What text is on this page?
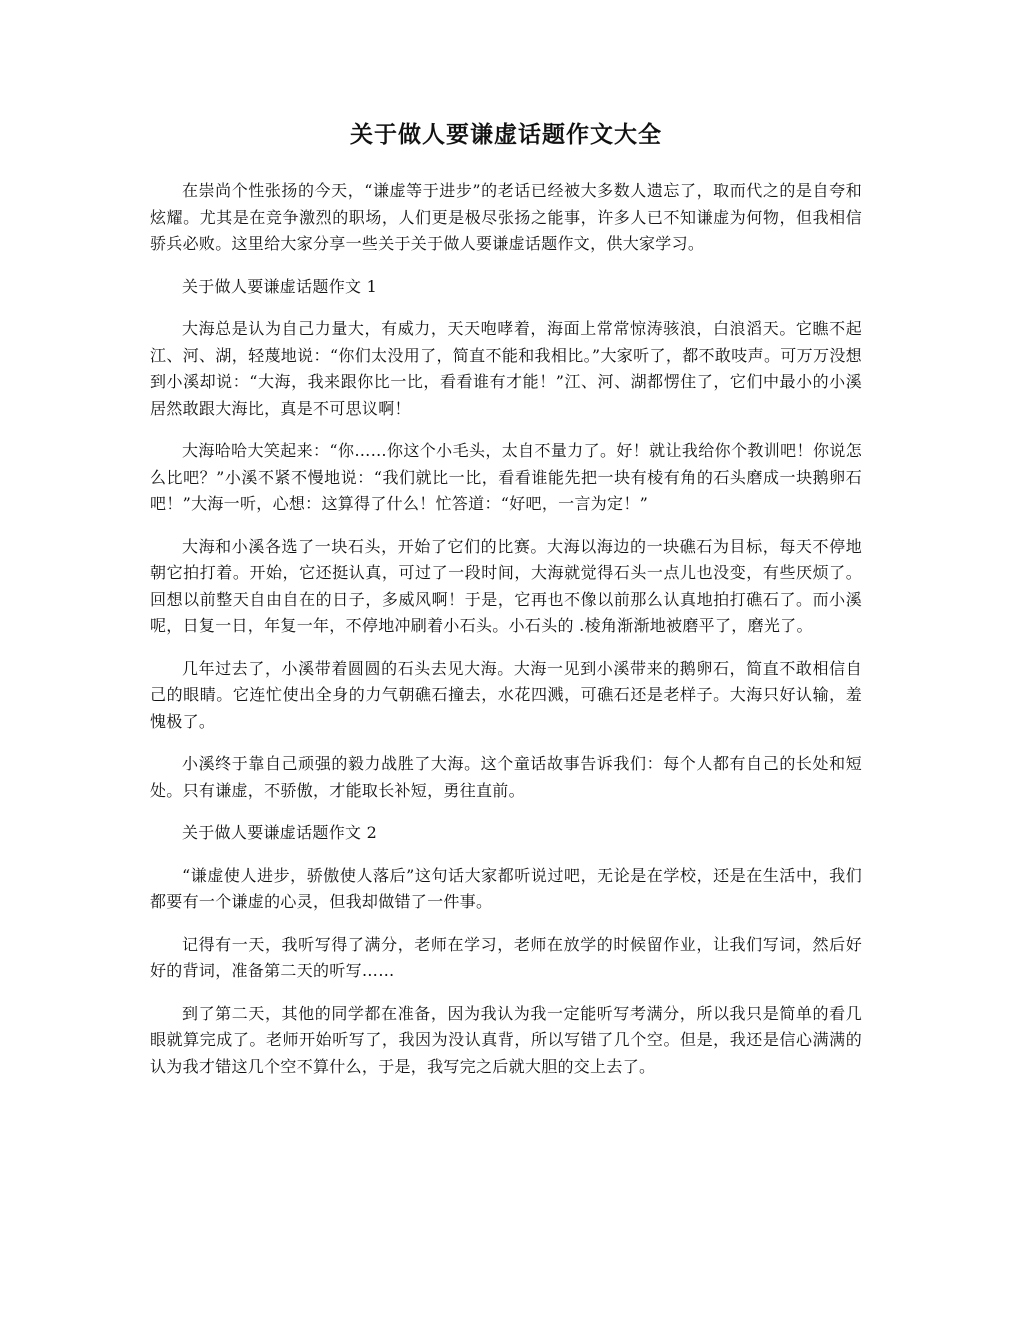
关于做人要谦虚话题作文大全

在崇尚个性张扬的今天，“谦虚等于进步”的老话已经被大多数人遗忘了，取而代之的是自夸和炫耀。尤其是在竞争激烈的职场，人们更是极尽张扬之能事，许多人已不知谦虚为何物，但我相信骄兵必败。这里给大家分享一些关于关于做人要谦虚话题作文，供大家学习。

关于做人要谦虚话题作文 1

大海总是认为自己力量大，有威力，天天咆哮着，海面上常常惊涛骇浪，白浪滔天。它瞧不起江、河、湖，轻蔑地说：“你们太没用了，简直不能和我相比。”大家听了，都不敢吱声。可万万没想到小溪却说：“大海，我来跟你比一比，看看谁有才能！”江、河、湖都愣住了，它们中最小的小溪居然敢跟大海比，真是不可思议啊！

大海哈哈大笑起来：“你……你这个小毛头，太自不量力了。好！就让我给你个教训吧！你说怎么比吧？”小溪不紧不慢地说：“我们就比一比，看看谁能先把一块有棱有角的石头磨成一块鹅卵石吧！”大海一听，心想：这算得了什么！忙答道：“好吧，一言为定！”

大海和小溪各选了一块石头，开始了它们的比赛。大海以海边的一块礁石为目标，每天不停地朝它拍打着。开始，它还挺认真，可过了一段时间，大海就觉得石头一点儿也没变，有些厌烦了。回想以前整天自由自在的日子，多威风啊！于是，它再也不像以前那么认真地拍打礁石了。而小溪呢，日复一日，年复一年，不停地冲刷着小石头。小石头的 .棱角渐渐地被磨平了，磨光了。

几年过去了，小溪带着圆圆的石头去见大海。大海一见到小溪带来的鹅卵石，简直不敢相信自己的眼睛。它连忙使出全身的力气朝礁石撞去，水花四溅，可礁石还是老样子。大海只好认输，羞愧极了。

小溪终于靠自己顽强的毅力战胜了大海。这个童话故事告诉我们：每个人都有自己的长处和短处。只有谦虚，不骄傲，才能取长补短，勇往直前。

关于做人要谦虚话题作文 2

“谦虚使人进步，骄傲使人落后”这句话大家都听说过吧，无论是在学校，还是在生活中，我们都要有一个谦虚的心灵，但我却做错了一件事。

记得有一天，我听写得了满分，老师在学习，老师在放学的时候留作业，让我们写词，然后好好的背词，准备第二天的听写……

到了第二天，其他的同学都在准备，因为我认为我一定能听写考满分，所以我只是简单的看几眼就算完成了。老师开始听写了，我因为没认真背，所以写错了几个空。但是，我还是信心满满的认为我才错这几个空不算什么，于是，我写完之后就大胆的交上去了。
